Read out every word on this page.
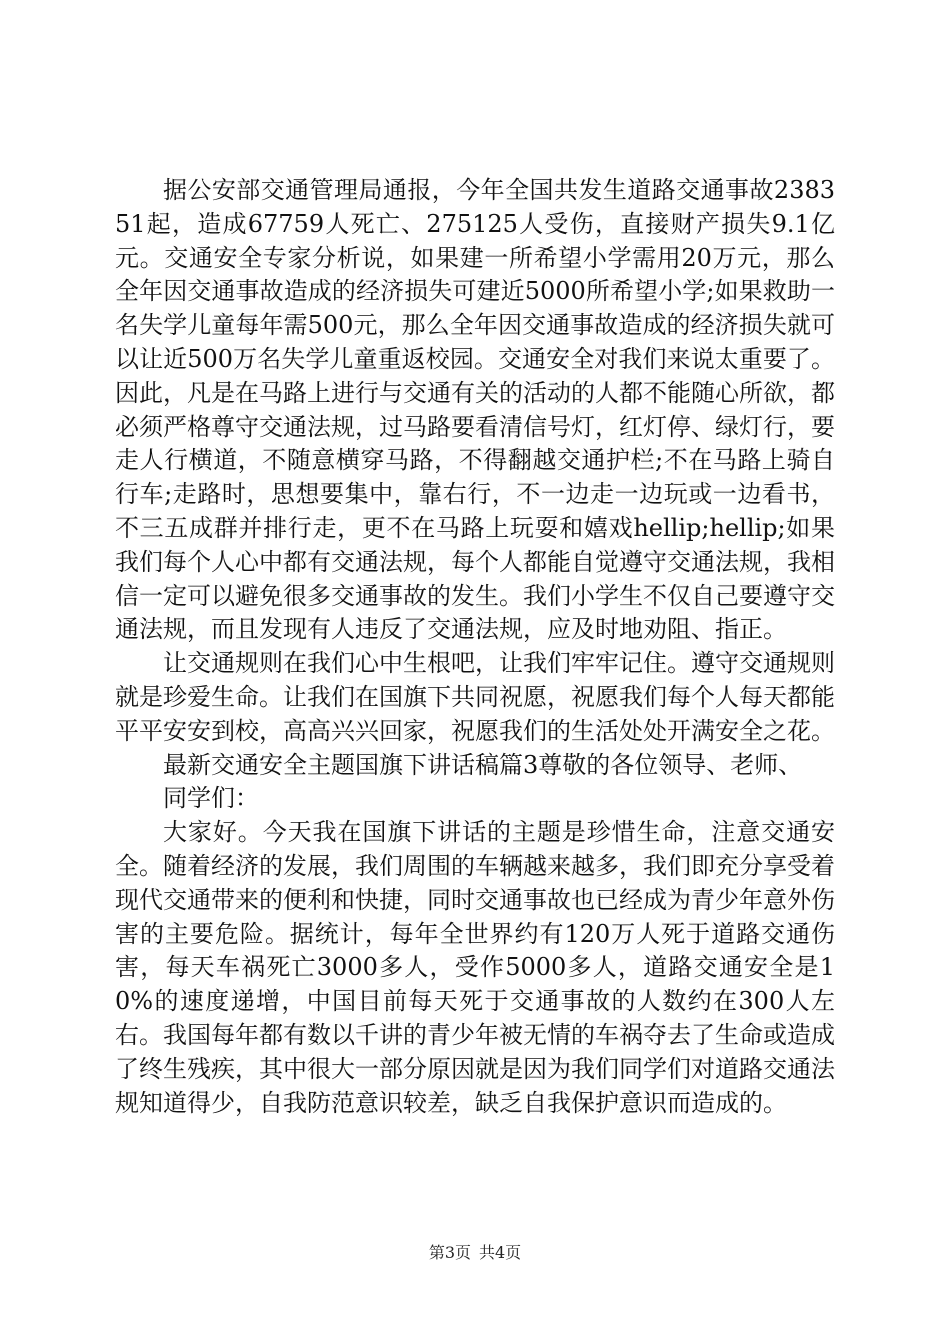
据公安部交通管理局通报，今年全国共发生道路交通事故238351起，造成67759人死亡、275125人受伤，直接财产损失9.1亿元。交通安全专家分析说，如果建一所希望小学需用20万元，那么全年因交通事故造成的经济损失可建近5000所希望小学;如果救助一名失学儿童每年需500元，那么全年因交通事故造成的经济损失就可以让近500万名失学儿童重返校园。交通安全对我们来说太重要了。因此，凡是在马路上进行与交通有关的活动的人都不能随心所欲，都必须严格尊守交通法规，过马路要看清信号灯，红灯停、绿灯行，要走人行横道，不随意横穿马路，不得翻越交通护栏;不在马路上骑自行车;走路时，思想要集中，靠右行，不一边走一边玩或一边看书，不三五成群并排行走，更不在马路上玩耍和嬉戏hellip;hellip;如果我们每个人心中都有交通法规，每个人都能自觉遵守交通法规，我相信一定可以避免很多交通事故的发生。我们小学生不仅自己要遵守交通法规，而且发现有人违反了交通法规，应及时地劝阻、指正。

让交通规则在我们心中生根吧，让我们牢牢记住。遵守交通规则就是珍爱生命。让我们在国旗下共同祝愿，祝愿我们每个人每天都能平平安安到校，高高兴兴回家，祝愿我们的生活处处开满安全之花。

最新交通安全主题国旗下讲话稿篇3尊敬的各位领导、老师、

同学们：

大家好。今天我在国旗下讲话的主题是珍惜生命，注意交通安全。随着经济的发展，我们周围的车辆越来越多，我们即充分享受着现代交通带来的便利和快捷，同时交通事故也已经成为青少年意外伤害的主要危险。据统计，每年全世界约有120万人死于道路交通伤害，每天车祸死亡3000多人，受作5000多人，道路交通安全是10%的速度递增，中国目前每天死于交通事故的人数约在300人左右。我国每年都有数以千讲的青少年被无情的车祸夺去了生命或造成了终生残疾，其中很大一部分原因就是因为我们同学们对道路交通法规知道得少，自我防范意识较差，缺乏自我保护意识而造成的。

第3页 共4页
